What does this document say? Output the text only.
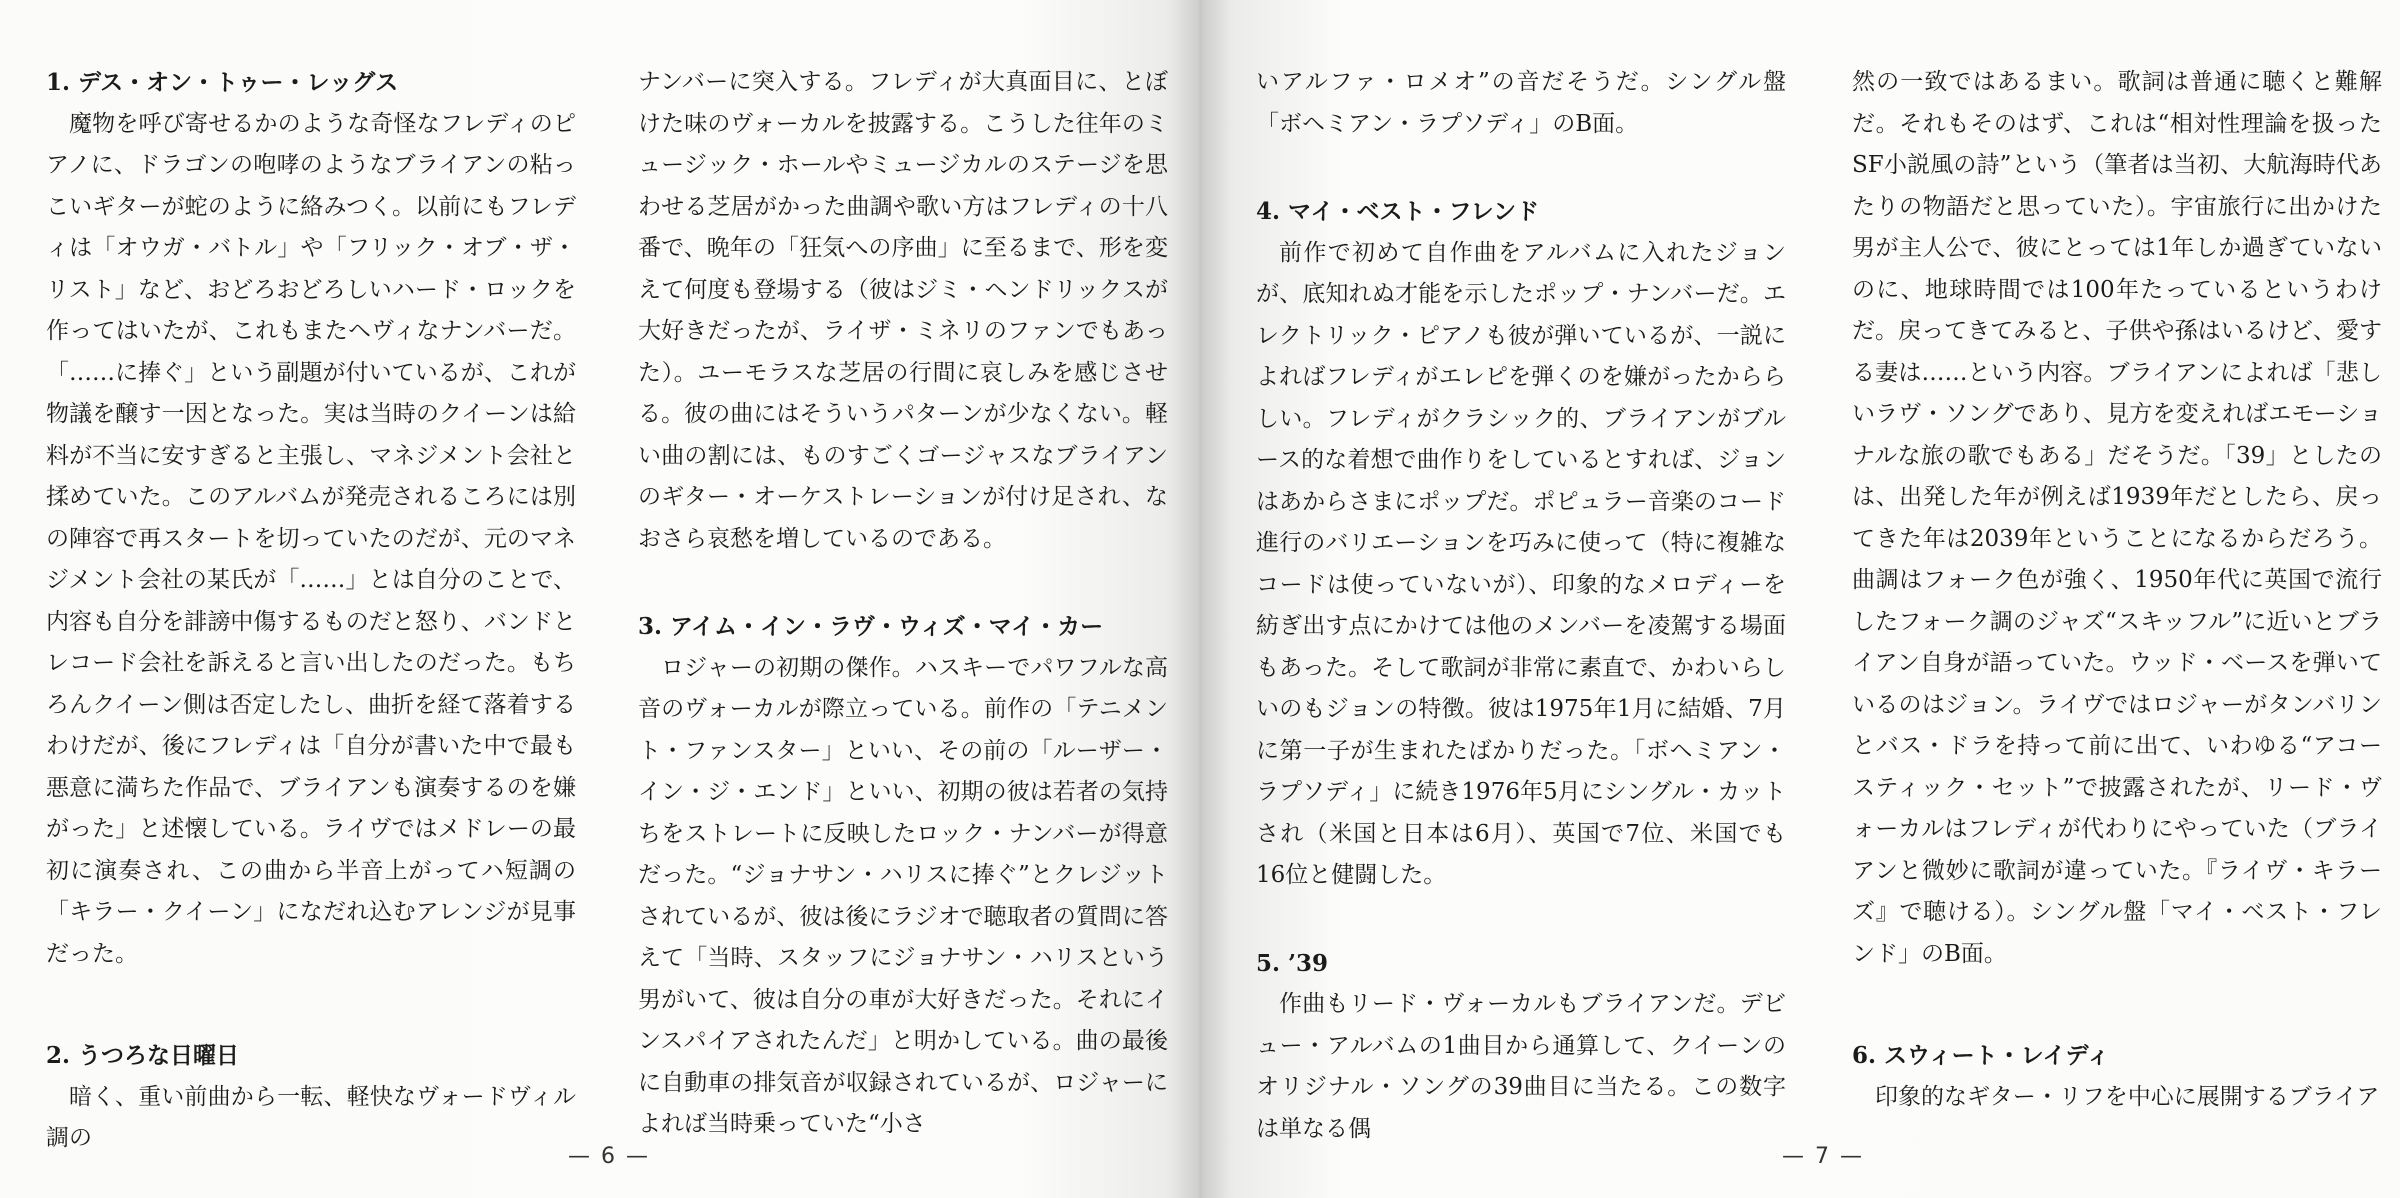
1. デス・オン・トゥー・レッグス

魔物を呼び寄せるかのような奇怪なフレディのピアノに、ドラゴンの咆哮のようなブライアンの粘っこいギターが蛇のように絡みつく。以前にもフレディは「オウガ・バトル」や「フリック・オブ・ザ・リスト」など、おどろおどろしいハード・ロックを作ってはいたが、これもまたヘヴィなナンバーだ。「……に捧ぐ」という副題が付いているが、これが物議を醸す一因となった。実は当時のクイーンは給料が不当に安すぎると主張し、マネジメント会社と揉めていた。このアルバムが発売されるころには別の陣容で再スタートを切っていたのだが、元のマネジメント会社の某氏が「……」とは自分のことで、内容も自分を誹謗中傷するものだと怒り、バンドとレコード会社を訴えると言い出したのだった。もちろんクイーン側は否定したし、曲折を経て落着するわけだが、後にフレディは「自分が書いた中で最も悪意に満ちた作品で、ブライアンも演奏するのを嫌がった」と述懐している。ライヴではメドレーの最初に演奏され、この曲から半音上がってハ短調の「キラー・クイーン」になだれ込むアレンジが見事だった。

2. うつろな日曜日

暗く、重い前曲から一転、軽快なヴォードヴィル調の

ナンバーに突入する。フレディが大真面目に、とぼけた味のヴォーカルを披露する。こうした往年のミュージック・ホールやミュージカルのステージを思わせる芝居がかった曲調や歌い方はフレディの十八番で、晩年の「狂気への序曲」に至るまで、形を変えて何度も登場する（彼はジミ・ヘンドリックスが大好きだったが、ライザ・ミネリのファンでもあった）。ユーモラスな芝居の行間に哀しみを感じさせる。彼の曲にはそういうパターンが少なくない。軽い曲の割には、ものすごくゴージャスなブライアンのギター・オーケストレーションが付け足され、なおさら哀愁を増しているのである。

3. アイム・イン・ラヴ・ウィズ・マイ・カー

ロジャーの初期の傑作。ハスキーでパワフルな高音のヴォーカルが際立っている。前作の「テニメント・ファンスター」といい、その前の「ルーザー・イン・ジ・エンド」といい、初期の彼は若者の気持ちをストレートに反映したロック・ナンバーが得意だった。“ジョナサン・ハリスに捧ぐ”とクレジットされているが、彼は後にラジオで聴取者の質問に答えて「当時、スタッフにジョナサン・ハリスという男がいて、彼は自分の車が大好きだった。それにインスパイアされたんだ」と明かしている。曲の最後に自動車の排気音が収録されているが、ロジャーによれば当時乗っていた“小さ

— 6 —

いアルファ・ロメオ”の音だそうだ。シングル盤「ボヘミアン・ラプソディ」のB面。

4. マイ・ベスト・フレンド

前作で初めて自作曲をアルバムに入れたジョンが、底知れぬ才能を示したポップ・ナンバーだ。エレクトリック・ピアノも彼が弾いているが、一説によればフレディがエレピを弾くのを嫌がったかららしい。フレディがクラシック的、ブライアンがブルース的な着想で曲作りをしているとすれば、ジョンはあからさまにポップだ。ポピュラー音楽のコード進行のバリエーションを巧みに使って（特に複雑なコードは使っていないが）、印象的なメロディーを紡ぎ出す点にかけては他のメンバーを凌駕する場面もあった。そして歌詞が非常に素直で、かわいらしいのもジョンの特徴。彼は1975年1月に結婚、7月に第一子が生まれたばかりだった。「ボヘミアン・ラプソディ」に続き1976年5月にシングル・カットされ（米国と日本は6月）、英国で7位、米国でも16位と健闘した。

5. ’39

作曲もリード・ヴォーカルもブライアンだ。デビュー・アルバムの1曲目から通算して、クイーンのオリジナル・ソングの39曲目に当たる。この数字は単なる偶

然の一致ではあるまい。歌詞は普通に聴くと難解だ。それもそのはず、これは“相対性理論を扱ったSF小説風の詩”という（筆者は当初、大航海時代あたりの物語だと思っていた）。宇宙旅行に出かけた男が主人公で、彼にとっては1年しか過ぎていないのに、地球時間では100年たっているというわけだ。戻ってきてみると、子供や孫はいるけど、愛する妻は……という内容。ブライアンによれば「悲しいラヴ・ソングであり、見方を変えればエモーショナルな旅の歌でもある」だそうだ。「39」としたのは、出発した年が例えば1939年だとしたら、戻ってきた年は2039年ということになるからだろう。曲調はフォーク色が強く、1950年代に英国で流行したフォーク調のジャズ“スキッフル”に近いとブライアン自身が語っていた。ウッド・ベースを弾いているのはジョン。ライヴではロジャーがタンバリンとバス・ドラを持って前に出て、いわゆる“アコースティック・セット”で披露されたが、リード・ヴォーカルはフレディが代わりにやっていた（ブライアンと微妙に歌詞が違っていた。『ライヴ・キラーズ』で聴ける）。シングル盤「マイ・ベスト・フレンド」のB面。

6. スウィート・レイディ

印象的なギター・リフを中心に展開するブライア

— 7 —
